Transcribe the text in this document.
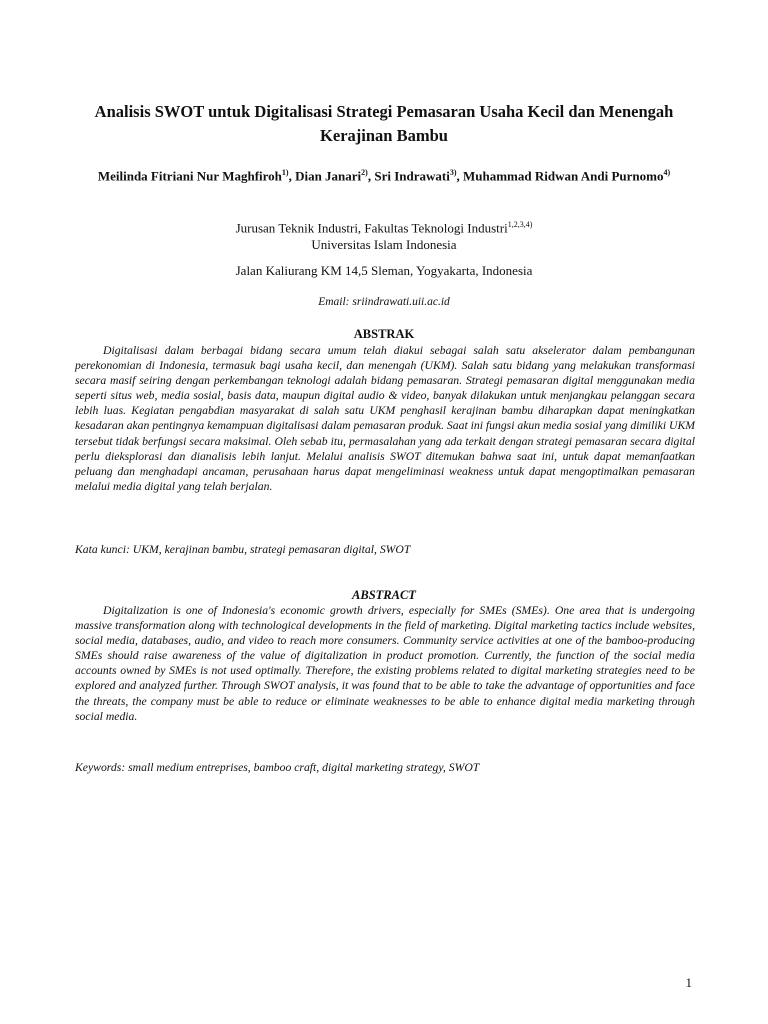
Analisis SWOT untuk Digitalisasi Strategi Pemasaran Usaha Kecil dan Menengah Kerajinan Bambu
Meilinda Fitriani Nur Maghfiroh$^{1)}$, Dian Janari$^{2)}$, Sri Indrawati$^{3)}$, Muhammad Ridwan Andi Purnomo$^{4)}$
Jurusan Teknik Industri, Fakultas Teknologi Industri$^{1,2,3,4)}$
Universitas Islam Indonesia
Jalan Kaliurang KM 14,5 Sleman, Yogyakarta, Indonesia
Email: sriindrawati.uii.ac.id
ABSTRAK

Digitalisasi dalam berbagai bidang secara umum telah diakui sebagai salah satu akselerator dalam pembangunan perekonomian di Indonesia, termasuk bagi usaha kecil, dan menengah (UKM). Salah satu bidang yang melakukan transformasi secara masif seiring dengan perkembangan teknologi adalah bidang pemasaran. Strategi pemasaran digital menggunakan media seperti situs web, media sosial, basis data, maupun digital audio & video, banyak dilakukan untuk menjangkau pelanggan secara lebih luas. Kegiatan pengabdian masyarakat di salah satu UKM penghasil kerajinan bambu diharapkan dapat meningkatkan kesadaran akan pentingnya kemampuan digitalisasi dalam pemasaran produk. Saat ini fungsi akun media sosial yang dimiliki UKM tersebut tidak berfungsi secara maksimal. Oleh sebab itu, permasalahan yang ada terkait dengan strategi pemasaran secara digital perlu dieksplorasi dan dianalisis lebih lanjut. Melalui analisis SWOT ditemukan bahwa saat ini, untuk dapat memanfaatkan peluang dan menghadapi ancaman, perusahaan harus dapat mengeliminasi weakness untuk dapat mengoptimalkan pemasaran melalui media digital yang telah berjalan.

Kata kunci: UKM, kerajinan bambu, strategi pemasaran digital, SWOT
ABSTRACT

Digitalization is one of Indonesia's economic growth drivers, especially for SMEs (SMEs). One area that is undergoing massive transformation along with technological developments in the field of marketing. Digital marketing tactics include websites, social media, databases, audio, and video to reach more consumers. Community service activities at one of the bamboo-producing SMEs should raise awareness of the value of digitalization in product promotion. Currently, the function of the social media accounts owned by SMEs is not used optimally. Therefore, the existing problems related to digital marketing strategies need to be explored and analyzed further. Through SWOT analysis, it was found that to be able to take the advantage of opportunities and face the threats, the company must be able to reduce or eliminate weaknesses to be able to enhance digital media marketing through social media.

Keywords: small medium entreprises, bamboo craft, digital marketing strategy, SWOT
1
